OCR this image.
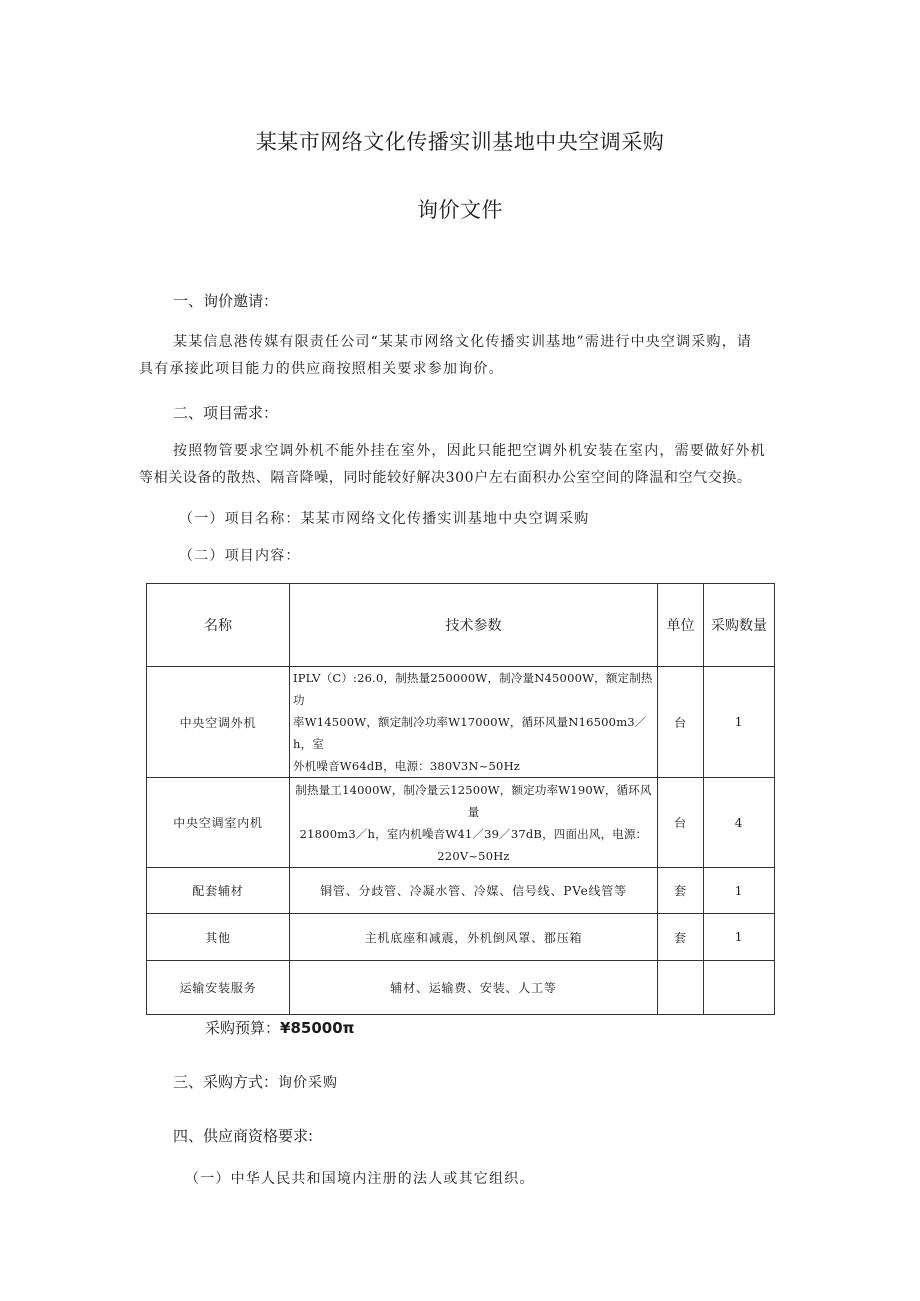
某某市网络文化传播实训基地中央空调采购
询价文件
一、询价邀请：
某某信息港传媒有限责任公司“某某市网络文化传播实训基地”需进行中央空调采购，请
具有承接此项目能力的供应商按照相关要求参加询价。
二、项目需求：
按照物管要求空调外机不能外挂在室外，因此只能把空调外机安装在室内，需要做好外机
等相关设备的散热、隔音降噪，同时能较好解决300户左右面积办公室空间的降温和空气交换。
（一）项目名称：某某市网络文化传播实训基地中央空调采购
（二）项目内容：
名称	技术参数	单位	采购数量
中央空调外机	IPLV（C）:26.0，制热量250000W，制冷量N45000W，额定制热功
率W14500W，额定制冷功率W17000W，循环风量N16500m3／h，室
外机噪音W64dB，电源：380V3N~50Hz	台	1
中央空调室内机	制热量工14000W，制冷量云12500W，额定功率W190W，循环风量
21800m3／h，室内机噪音W41／39／37dB，四面出风，电源：
220V~50Hz	台	4
配套辅材	铜管、分歧管、冷凝水管、冷媒、信号线、PVe线管等	套	1
其他	主机底座和减震，外机倒风罩、郡压箱	套	1
运输安装服务	辅材、运输费、安装、人工等		
采购预算：¥85000π
三、采购方式：询价采购
四、供应商资格要求:
（一）中华人民共和国境内注册的法人或其它组织。
